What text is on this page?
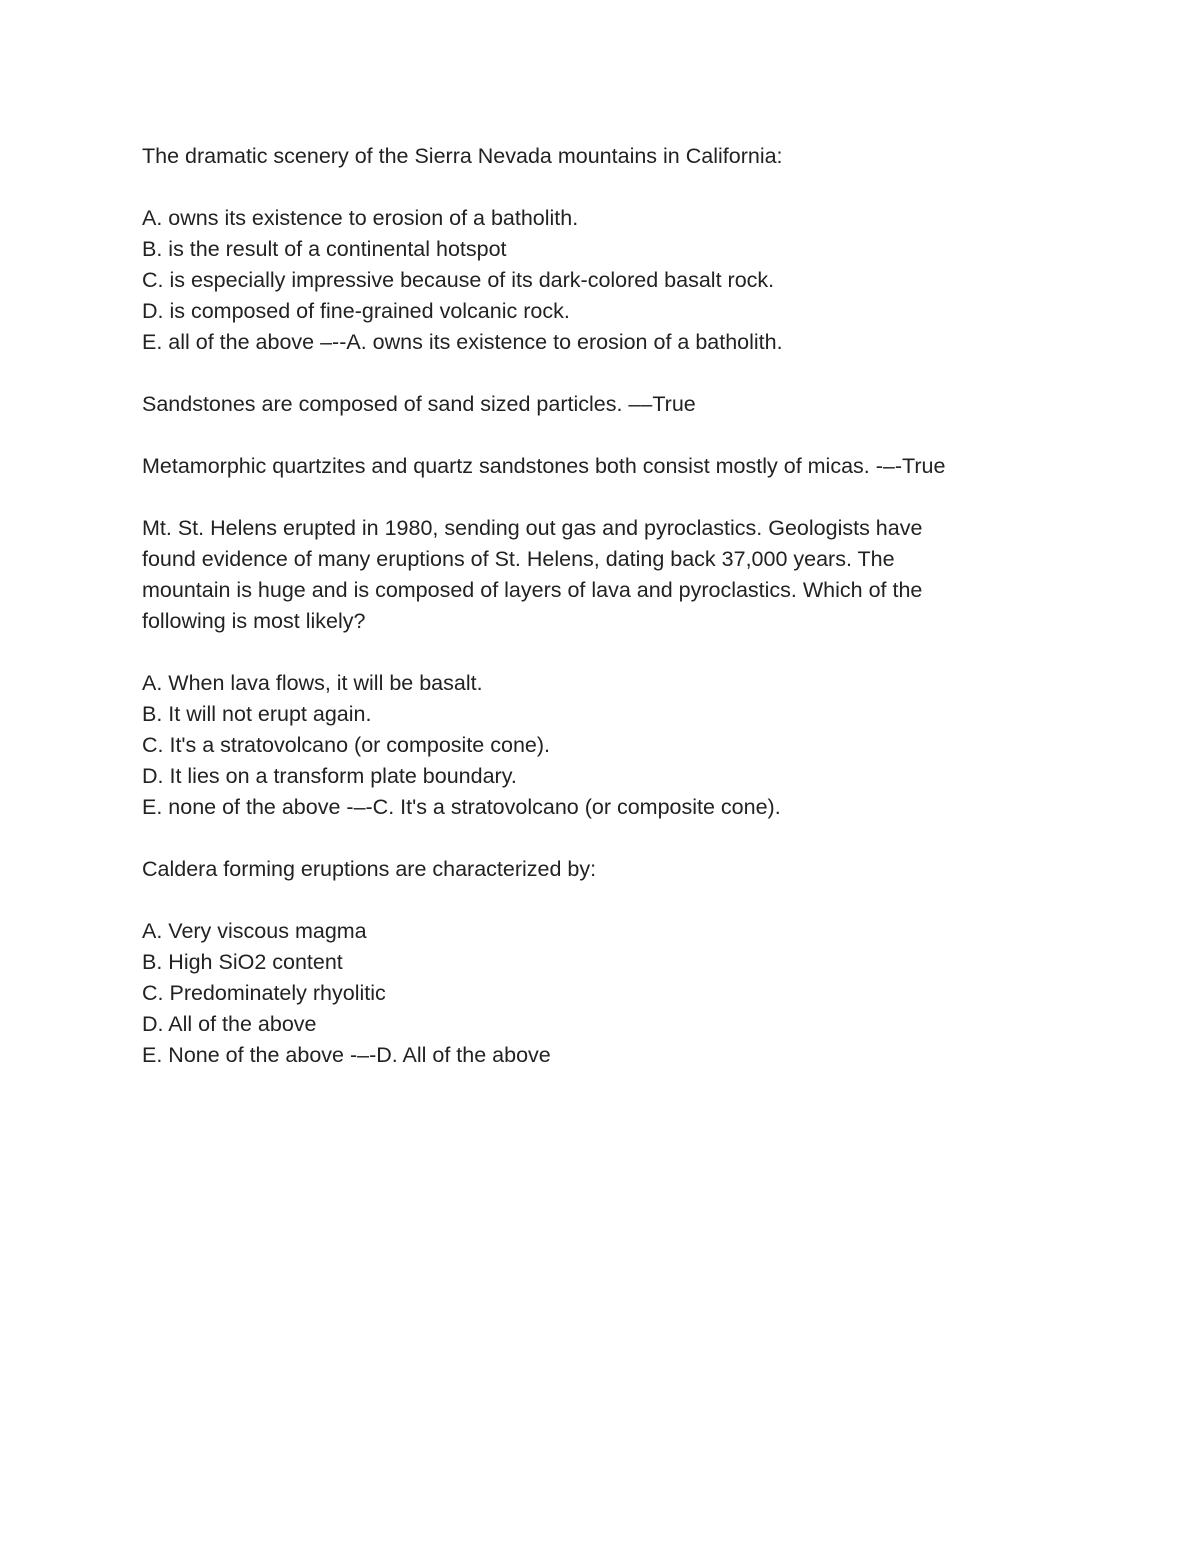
The dramatic scenery of the Sierra Nevada mountains in California:
A. owns its existence to erosion of a batholith.
B. is the result of a continental hotspot
C. is especially impressive because of its dark-colored basalt rock.
D. is composed of fine-grained volcanic rock.
E. all of the above –--A. owns its existence to erosion of a batholith.
Sandstones are composed of sand sized particles. ––True
Metamorphic quartzites and quartz sandstones both consist mostly of micas. -–-True
Mt. St. Helens erupted in 1980, sending out gas and pyroclastics. Geologists have
found evidence of many eruptions of St. Helens, dating back 37,000 years. The
mountain is huge and is composed of layers of lava and pyroclastics. Which of the
following is most likely?
A. When lava flows, it will be basalt.
B. It will not erupt again.
C. It's a stratovolcano (or composite cone).
D. It lies on a transform plate boundary.
E. none of the above -–-C. It's a stratovolcano (or composite cone).
Caldera forming eruptions are characterized by:
A. Very viscous magma
B. High SiO2 content
C. Predominately rhyolitic
D. All of the above
E. None of the above -–-D. All of the above
